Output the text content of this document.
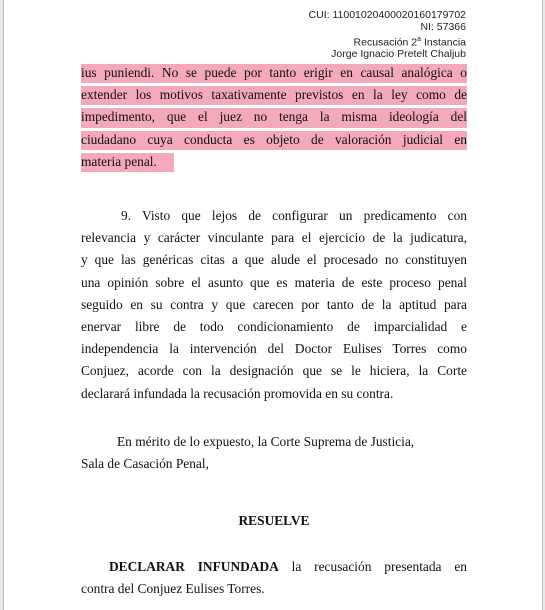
CUI: 11001020400020160179702
NI: 57366
Recusación 2$^a$ Instancia
Jorge Ignacio Pretelt Chaljub
ius puniendi. No se puede por tanto erigir en causal analógica o
extender los motivos taxativamente previstos en la ley como de
impedimento, que el juez no tenga la misma ideología del
ciudadano cuya conducta es objeto de valoración judicial en
materia penal.
9. Visto que lejos de configurar un predicamento con
relevancia y carácter vinculante para el ejercicio de la judicatura,
y que las genéricas citas a que alude el procesado no constituyen
una opinión sobre el asunto que es materia de este proceso penal
seguido en su contra y que carecen por tanto de la aptitud para
enervar libre de todo condicionamiento de imparcialidad e
independencia la intervención del Doctor Eulises Torres como
Conjuez, acorde con la designación que se le hiciera, la Corte
declarará infundada la recusación promovida en su contra.
En mérito de lo expuesto, la Corte Suprema de Justicia,
Sala de Casación Penal,
RESUELVE
DECLARAR INFUNDADA la recusación presentada en
contra del Conjuez Eulises Torres.
